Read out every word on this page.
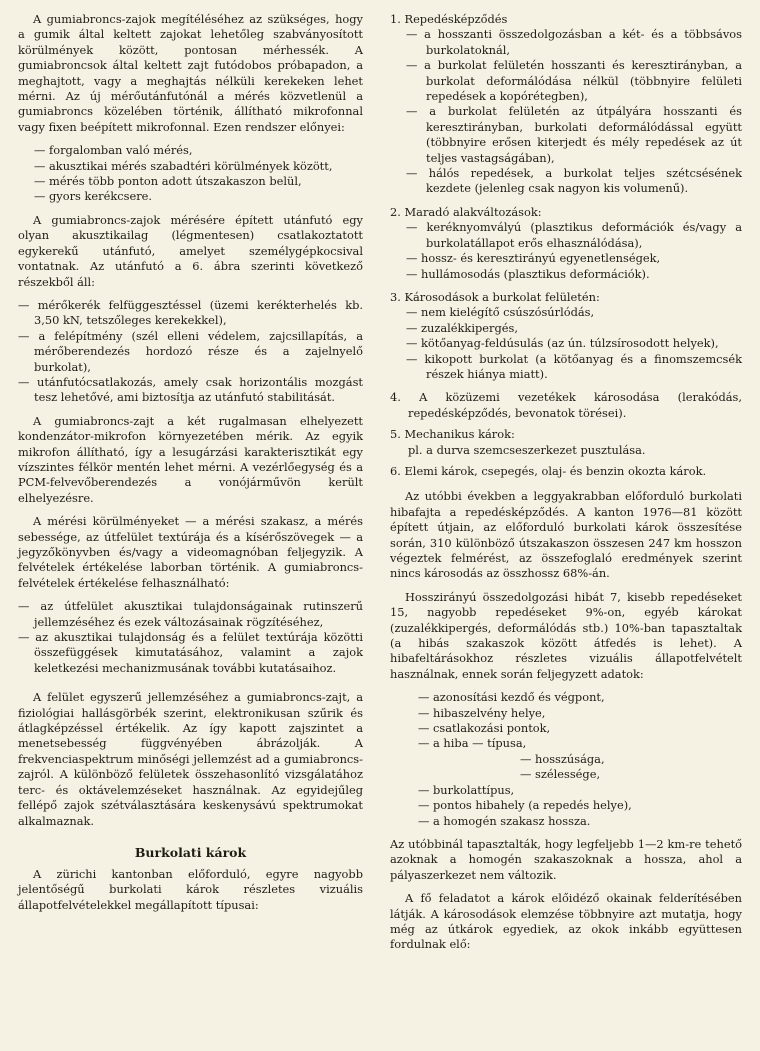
A gumiabroncs-zajok megítéléséhez az szükséges, hogy a gumik által keltett zajokat lehetőleg szabványosított körülmények között, pontosan mérhessék. A gumiabroncsok által keltett zajt futódobos próbapadon, a meghajtott, vagy a meghajtás nélküli kerekeken lehet mérni. Az új mérőutánfutónál a mérés közvetlenül a gumiabroncs közelében történik, állítható mikrofonnal vagy fixen beépített mikrofonnal. Ezen rendszer előnyei:

— forgalomban való mérés,
— akusztikai mérés szabadtéri körülmények között,
— mérés több ponton adott útszakaszon belül,
— gyors kerékcsere.

A gumiabroncs-zajok mérésére épített utánfutó egy olyan akusztikailag (légmentesen) csatlakoztatott egykerekű utánfutó, amelyet személygépkocsival vontatnak. Az utánfutó a 6. ábra szerinti következő részekből áll:

— mérőkerék felfüggesztéssel (üzemi kerékterhelés kb. 3,50 kN, tetszőleges kerekekkel),
— a felépítmény (szél elleni védelem, zajcsillapítás, a mérőberendezés hordozó része és a zajelnyelő burkolat),
— utánfutócsatlakozás, amely csak horizontális mozgást tesz lehetővé, ami biztosítja az utánfutó stabilitását.

A gumiabroncs-zajt a két rugalmasan elhelyezett kondenzátor-mikrofon környezetében mérik. Az egyik mikrofon állítható, így a lesugárzási karakterisztikát egy vízszintes félkör mentén lehet mérni. A vezérlőegység és a PCM-felvevőberendezés a vonójárművön került elhelyezésre.

A mérési körülményeket — a mérési szakasz, a mérés sebessége, az útfelület textúrája és a kísérőszövegek — a jegyzőkönyvben és/vagy a videomagnóban feljegyzik. A felvételek értékelése laborban történik. A gumiabroncs-felvételek értékelése felhasználható:

— az útfelület akusztikai tulajdonságainak rutinszerű jellemzéséhez és ezek változásainak rögzítéséhez,
— az akusztikai tulajdonság és a felület textúrája közötti összefüggések kimutatásához, valamint a zajok keletkezési mechanizmusának további kutatásaihoz.

A felület egyszerű jellemzéséhez a gumiabroncs-zajt, a fiziológiai hallásgörbék szerint, elektronikusan szűrik és átlagképzéssel értékelik. Az így kapott zajszintet a menetsebesség függvényében ábrázolják. A frekvenciaspektrum minőségi jellemzést ad a gumiabroncs-zajról. A különböző felületek összehasonlító vizsgálatához terc- és oktávelemzéseket használnak. Az egyidejűleg fellépő zajok szétválasztására keskenysávú spektrumokat alkalmaznak.

Burkolati károk

A zürichi kantonban előforduló, egyre nagyobb jelentőségű burkolati károk részletes vizuális állapotfelvételekkel megállapított típusai:

1. Repedésképződés
— a hosszanti összedolgozásban a két- és a többsávos burkolatoknál,
— a burkolat felületén hosszanti és keresztirányban, a burkolat deformálódása nélkül (többnyire felületi repedések a kopórétegben),
— a burkolat felületén az útpályára hosszanti és keresztirányban, burkolati deformálódással együtt (többnyire erősen kiterjedt és mély repedések az út teljes vastagságában),
— hálós repedések, a burkolat teljes szétcsésének kezdete (jelenleg csak nagyon kis volumenű).
2. Maradó alakváltozások:
— keréknyomvályú (plasztikus deformációk és/vagy a burkolatállapot erős elhasználódása),
— hossz- és keresztirányú egyenetlenségek,
— hullámosodás (plasztikus deformációk).
3. Károsodások a burkolat felületén:
— nem kielégítő csúszósúrlódás,
— zuzalékkipergés,
— kötőanyag-feldúsulás (az ún. túlzsírosodott helyek),
— kikopott burkolat (a kötőanyag és a finomszemcsék részek hiánya miatt).
4. A közüzemi vezetékek károsodása (lerakódás, repedésképződés, bevonatok törései).
5. Mechanikus károk:
pl. a durva szemcseszerkezet pusztulása.
6. Elemi károk, csepegés, olaj- és benzin okozta károk.

Az utóbbi években a leggyakrabban előforduló burkolati hibafajta a repedésképződés. A kanton 1976—81 között épített útjain, az előforduló burkolati károk összesítése során, 310 különböző útszakaszon összesen 247 km hosszon végeztek felmérést, az összefoglaló eredmények szerint nincs károsodás az összhossz 68%-án.

Hosszirányú összedolgozási hibát 7, kisebb repedéseket 15, nagyobb repedéseket 9%-on, egyéb károkat (zuzalékkipergés, deformálódás stb.) 10%-ban tapasztaltak (a hibás szakaszok között átfedés is lehet). A hibafeltárásokhoz részletes vizuális állapotfelvételt használnak, ennek során feljegyzett adatok:

— azonosítási kezdő és végpont,
— hibaszelvény helye,
— csatlakozási pontok,
— a hiba — típusa,
— hosszúsága,
— szélessége,
— burkolattípus,
— pontos hibahely (a repedés helye),
— a homogén szakasz hossza.

Az utóbbinál tapasztalták, hogy legfeljebb 1—2 km-re tehető azoknak a homogén szakaszoknak a hossza, ahol a pályaszerkezet nem változik.

A fő feladatot a károk előidéző okainak felderítésében látják. A károsodások elemzése többnyire azt mutatja, hogy még az útkárok egyediek, az okok inkább együttesen fordulnak elő:
